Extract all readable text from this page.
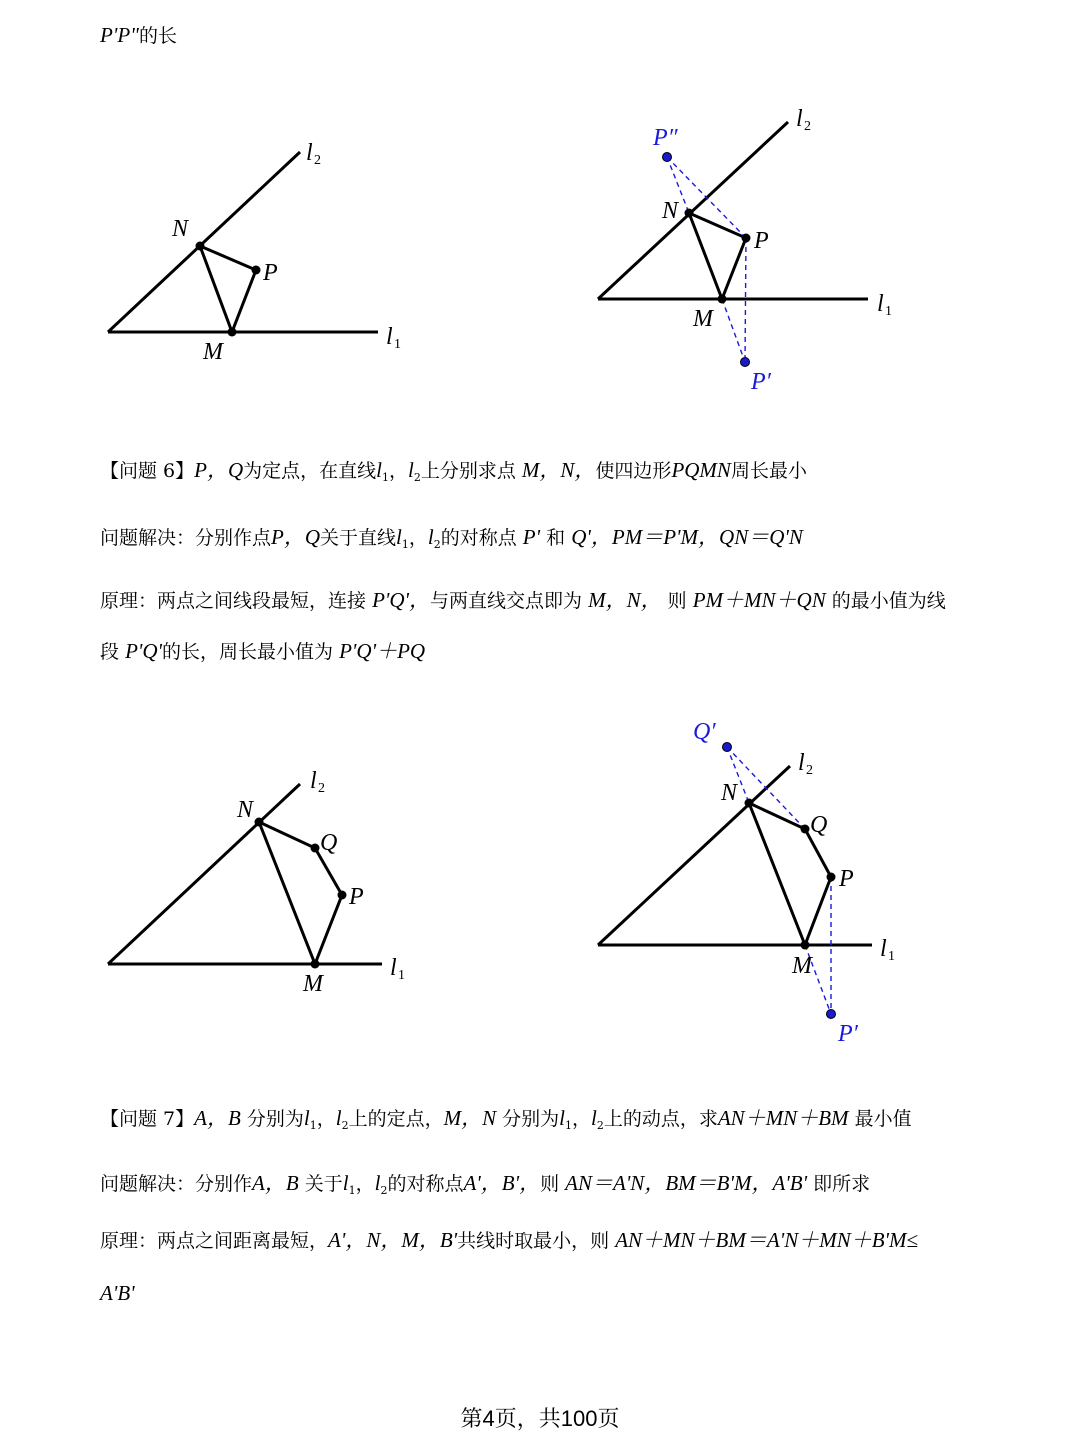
P'P"的长
N
P
M
l 2
l 1
N
P
M
P″
P′
l 2
l 1
N
Q
P
M
l 2
l 1
N
Q
P
M
Q′
P′
l 2
l 1
【问题 6】P，Q为定点，在直线$l_1$，$l_2$上分别求点 M，N，使四边形PQMN周长最小
问题解决：分别作点P，Q关于直线$l_1$，$l_2$的对称点 P' 和 Q'，PM＝P'M，QN＝Q'N
原理：两点之间线段最短，连接 P'Q'，与两直线交点即为 M，N， 则 PM＋MN＋QN 的最小值为线
段 P'Q'的长，周长最小值为 P'Q'＋PQ
【问题 7】A，B 分别为$l_1$，$l_2$上的定点，M，N 分别为$l_1$，$l_2$上的动点，求AN＋MN＋BM 最小值
问题解决：分别作A，B 关于$l_1$，$l_2$的对称点A'，B'，则 AN＝A'N，BM＝B'M，A'B' 即所求
原理：两点之间距离最短，A'，N，M，B'共线时取最小，则 AN＋MN＋BM＝A'N＋MN＋B'M≤
A'B'
第4页，共100页
